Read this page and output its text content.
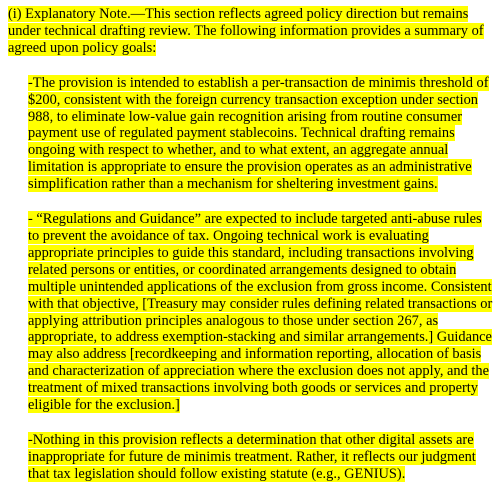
(i) Explanatory Note.—This section reflects agreed policy direction but remains under technical drafting review. The following information provides a summary of agreed upon policy goals:

-The provision is intended to establish a per-transaction de minimis threshold of $200, consistent with the foreign currency transaction exception under section 988, to eliminate low-value gain recognition arising from routine consumer payment use of regulated payment stablecoins. Technical drafting remains ongoing with respect to whether, and to what extent, an aggregate annual limitation is appropriate to ensure the provision operates as an administrative simplification rather than a mechanism for sheltering investment gains.

- “Regulations and Guidance” are expected to include targeted anti-abuse rules to prevent the avoidance of tax. Ongoing technical work is evaluating appropriate principles to guide this standard, including transactions involving related persons or entities, or coordinated arrangements designed to obtain multiple unintended applications of the exclusion from gross income. Consistent with that objective, [Treasury may consider rules defining related transactions or applying attribution principles analogous to those under section 267, as appropriate, to address exemption-stacking and similar arrangements.] Guidance may also address [recordkeeping and information reporting, allocation of basis and characterization of appreciation where the exclusion does not apply, and the treatment of mixed transactions involving both goods or services and property eligible for the exclusion.]

-Nothing in this provision reflects a determination that other digital assets are inappropriate for future de minimis treatment. Rather, it reflects our judgment that tax legislation should follow existing statute (e.g., GENIUS).
